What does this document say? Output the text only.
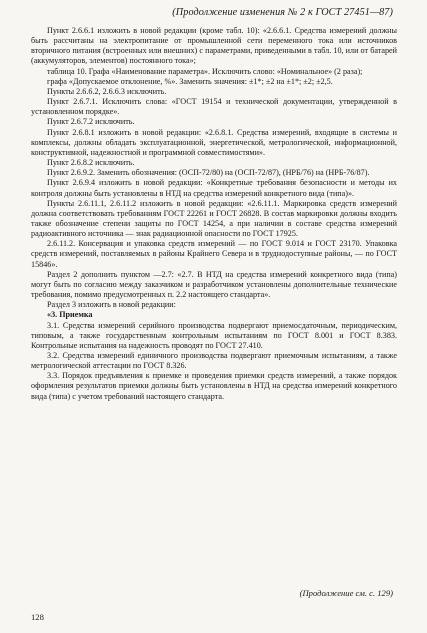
(Продолжение изменения № 2 к ГОСТ 27451—87)

Пункт 2.6.6.1 изложить в новой редакции (кроме табл. 10): «2.6.6.1. Средства измерений должны быть рассчитаны на электропитание от промышленной сети переменного тока или источников вторичного питания (встроенных или внешних) с параметрами, приведенными в табл. 10, или от батарей (аккумуляторов, элементов) постоянного тока»;

таблица 10. Графа «Наименование параметра». Исключить слово: «Номинальное» (2 раза);

графа «Допускаемое отклонение, %». Заменить значения: ±1*; ±2 на ±1*; ±2; ±2,5.

Пункты 2.6.6.2, 2.6.6.3 исключить.

Пункт 2.6.7.1. Исключить слова: «ГОСТ 19154 и технической документации, утвержденной в установленном порядке».

Пункт 2.6.7.2 исключить.

Пункт 2.6.8.1 изложить в новой редакции: «2.6.8.1. Средства измерений, входящие в системы и комплексы, должны обладать эксплуатационной, энергетической, метрологической, информационной, конструктивной, надежностной и программной совместимостями».

Пункт 2.6.8.2 исключить.

Пункт 2.6.9.2. Заменить обозначения: (ОСП-72/80) на (ОСП-72/87), (НРБ/76) на (НРБ-76/87).

Пункт 2.6.9.4 изложить в новой редакции: «Конкретные требования безопасности и методы их контроля должны быть установлены в НТД на средства измерений конкретного вида (типа)».

Пункты 2.6.11.1, 2.6.11.2 изложить в новой редакции: «2.6.11.1. Маркировка средств измерений должна соответствовать требованиям ГОСТ 22261 и ГОСТ 26828. В состав маркировки должны входить также обозначение степени защиты по ГОСТ 14254, а при наличии в составе средства измерений радиоактивного источника — знак радиационной опасности по ГОСТ 17925.

2.6.11.2. Консервация и упаковка средств измерений — по ГОСТ 9.014 и ГОСТ 23170. Упаковка средств измерений, поставляемых в районы Крайнего Севера и в труднодоступные районы, — по ГОСТ 15846».

Раздел 2 дополнить пунктом —2.7: «2.7. В НТД на средства измерений конкретного вида (типа) могут быть по согласию между заказчиком и разработчиком установлены дополнительные технические требования, помимо предусмотренных п. 2.2 настоящего стандарта».

Раздел 3 изложить в новой редакции:

«3. Приемка

3.1. Средства измерений серийного производства подвергают приемосдаточным, периодическим, типовым, а также государственным контрольным испытаниям по ГОСТ 8.001 и ГОСТ 8.383. Контрольные испытания на надежность проводят по ГОСТ 27.410.

3.2. Средства измерений единичного производства подвергают приемочным испытаниям, а также метрологической аттестации по ГОСТ 8.326.

3.3. Порядок предъявления к приемке и проведения приемки средств измерений, а также порядок оформления результатов приемки должны быть установлены в НТД на средства измерений конкретного вида (типа) с учетом требований настоящего стандарта.

(Продолжение см. с. 129)
128
